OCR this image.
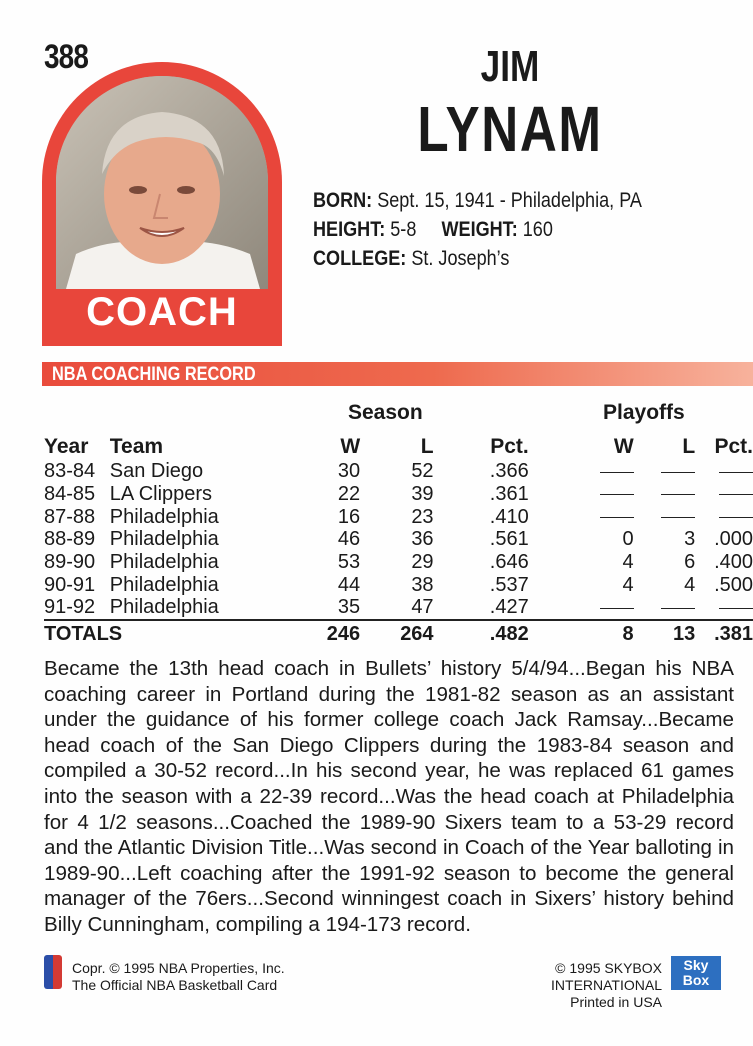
388
COACH
JIM
LYNAM
BORN: Sept. 15, 1941 - Philadelphia, PA
HEIGHT: 5-8 WEIGHT: 160
COLLEGE: St. Joseph’s
NBA COACHING RECORD
Season	Playoffs
Year	Team	W	L	Pct.	W	L	Pct.
83-84	San Diego	30	52	.366			
84-85	LA Clippers	22	39	.361			
87-88	Philadelphia	16	23	.410			
88-89	Philadelphia	46	36	.561	0	3	.000
89-90	Philadelphia	53	29	.646	4	6	.400
90-91	Philadelphia	44	38	.537	4	4	.500
91-92	Philadelphia	35	47	.427			
TOTALS		246	264	.482	8	13	.381
Became the 13th head coach in Bullets’ history 5/4/94...Began his NBA coaching career in Portland during the 1981-82 season as an assistant under the guidance of his former college coach Jack Ramsay...Became head coach of the San Diego Clippers during the 1983-84 season and compiled a 30-52 record...In his second year, he was replaced 61 games into the season with a 22-39 record...Was the head coach at Philadelphia for 4 1/2 seasons...Coached the 1989-90 Sixers team to a 53-29 record and the Atlantic Division Title...Was second in Coach of the Year balloting in 1989-90...Left coaching after the 1991-92 season to become the general manager of the 76ers...Second winningest coach in Sixers’ history behind Billy Cunningham, compiling a 194-173 record.
Copr. © 1995 NBA Properties, Inc.
The Official NBA Basketball Card
© 1995 SKYBOX INTERNATIONAL
Printed in USA
Sky
Box
